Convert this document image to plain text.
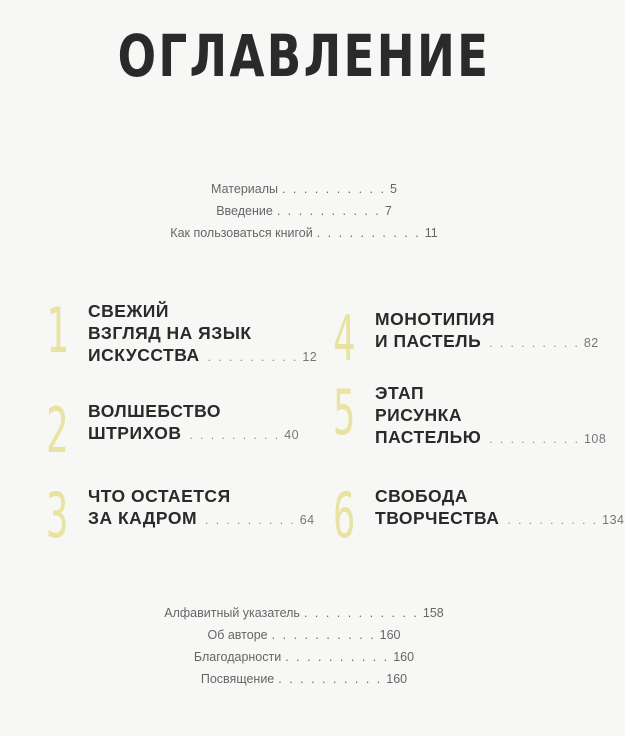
ОГЛАВЛЕНИЕ
Материалы . . . . . . . . . . 5
Введение . . . . . . . . . . 7
Как пользоваться книгой . . . . . . . . . . 11
1 СВЕЖИЙ
ВЗГЛЯД НА ЯЗЫК
ИСКУССТВА . . . . . . . . . 12
2 ВОЛШЕБСТВО
ШТРИХОВ . . . . . . . . . 40
3 ЧТО ОСТАЕТСЯ
ЗА КАДРОМ . . . . . . . . . 64
4 МОНОТИПИЯ
И ПАСТЕЛЬ . . . . . . . . . 82
5 ЭТАП
РИСУНКА
ПАСТЕЛЬЮ . . . . . . . . . 108
6 СВОБОДА
ТВОРЧЕСТВА . . . . . . . . . 134
Алфавитный указатель . . . . . . . . . . . 158
Об авторе . . . . . . . . . . 160
Благодарности . . . . . . . . . . 160
Посвящение . . . . . . . . . . 160
